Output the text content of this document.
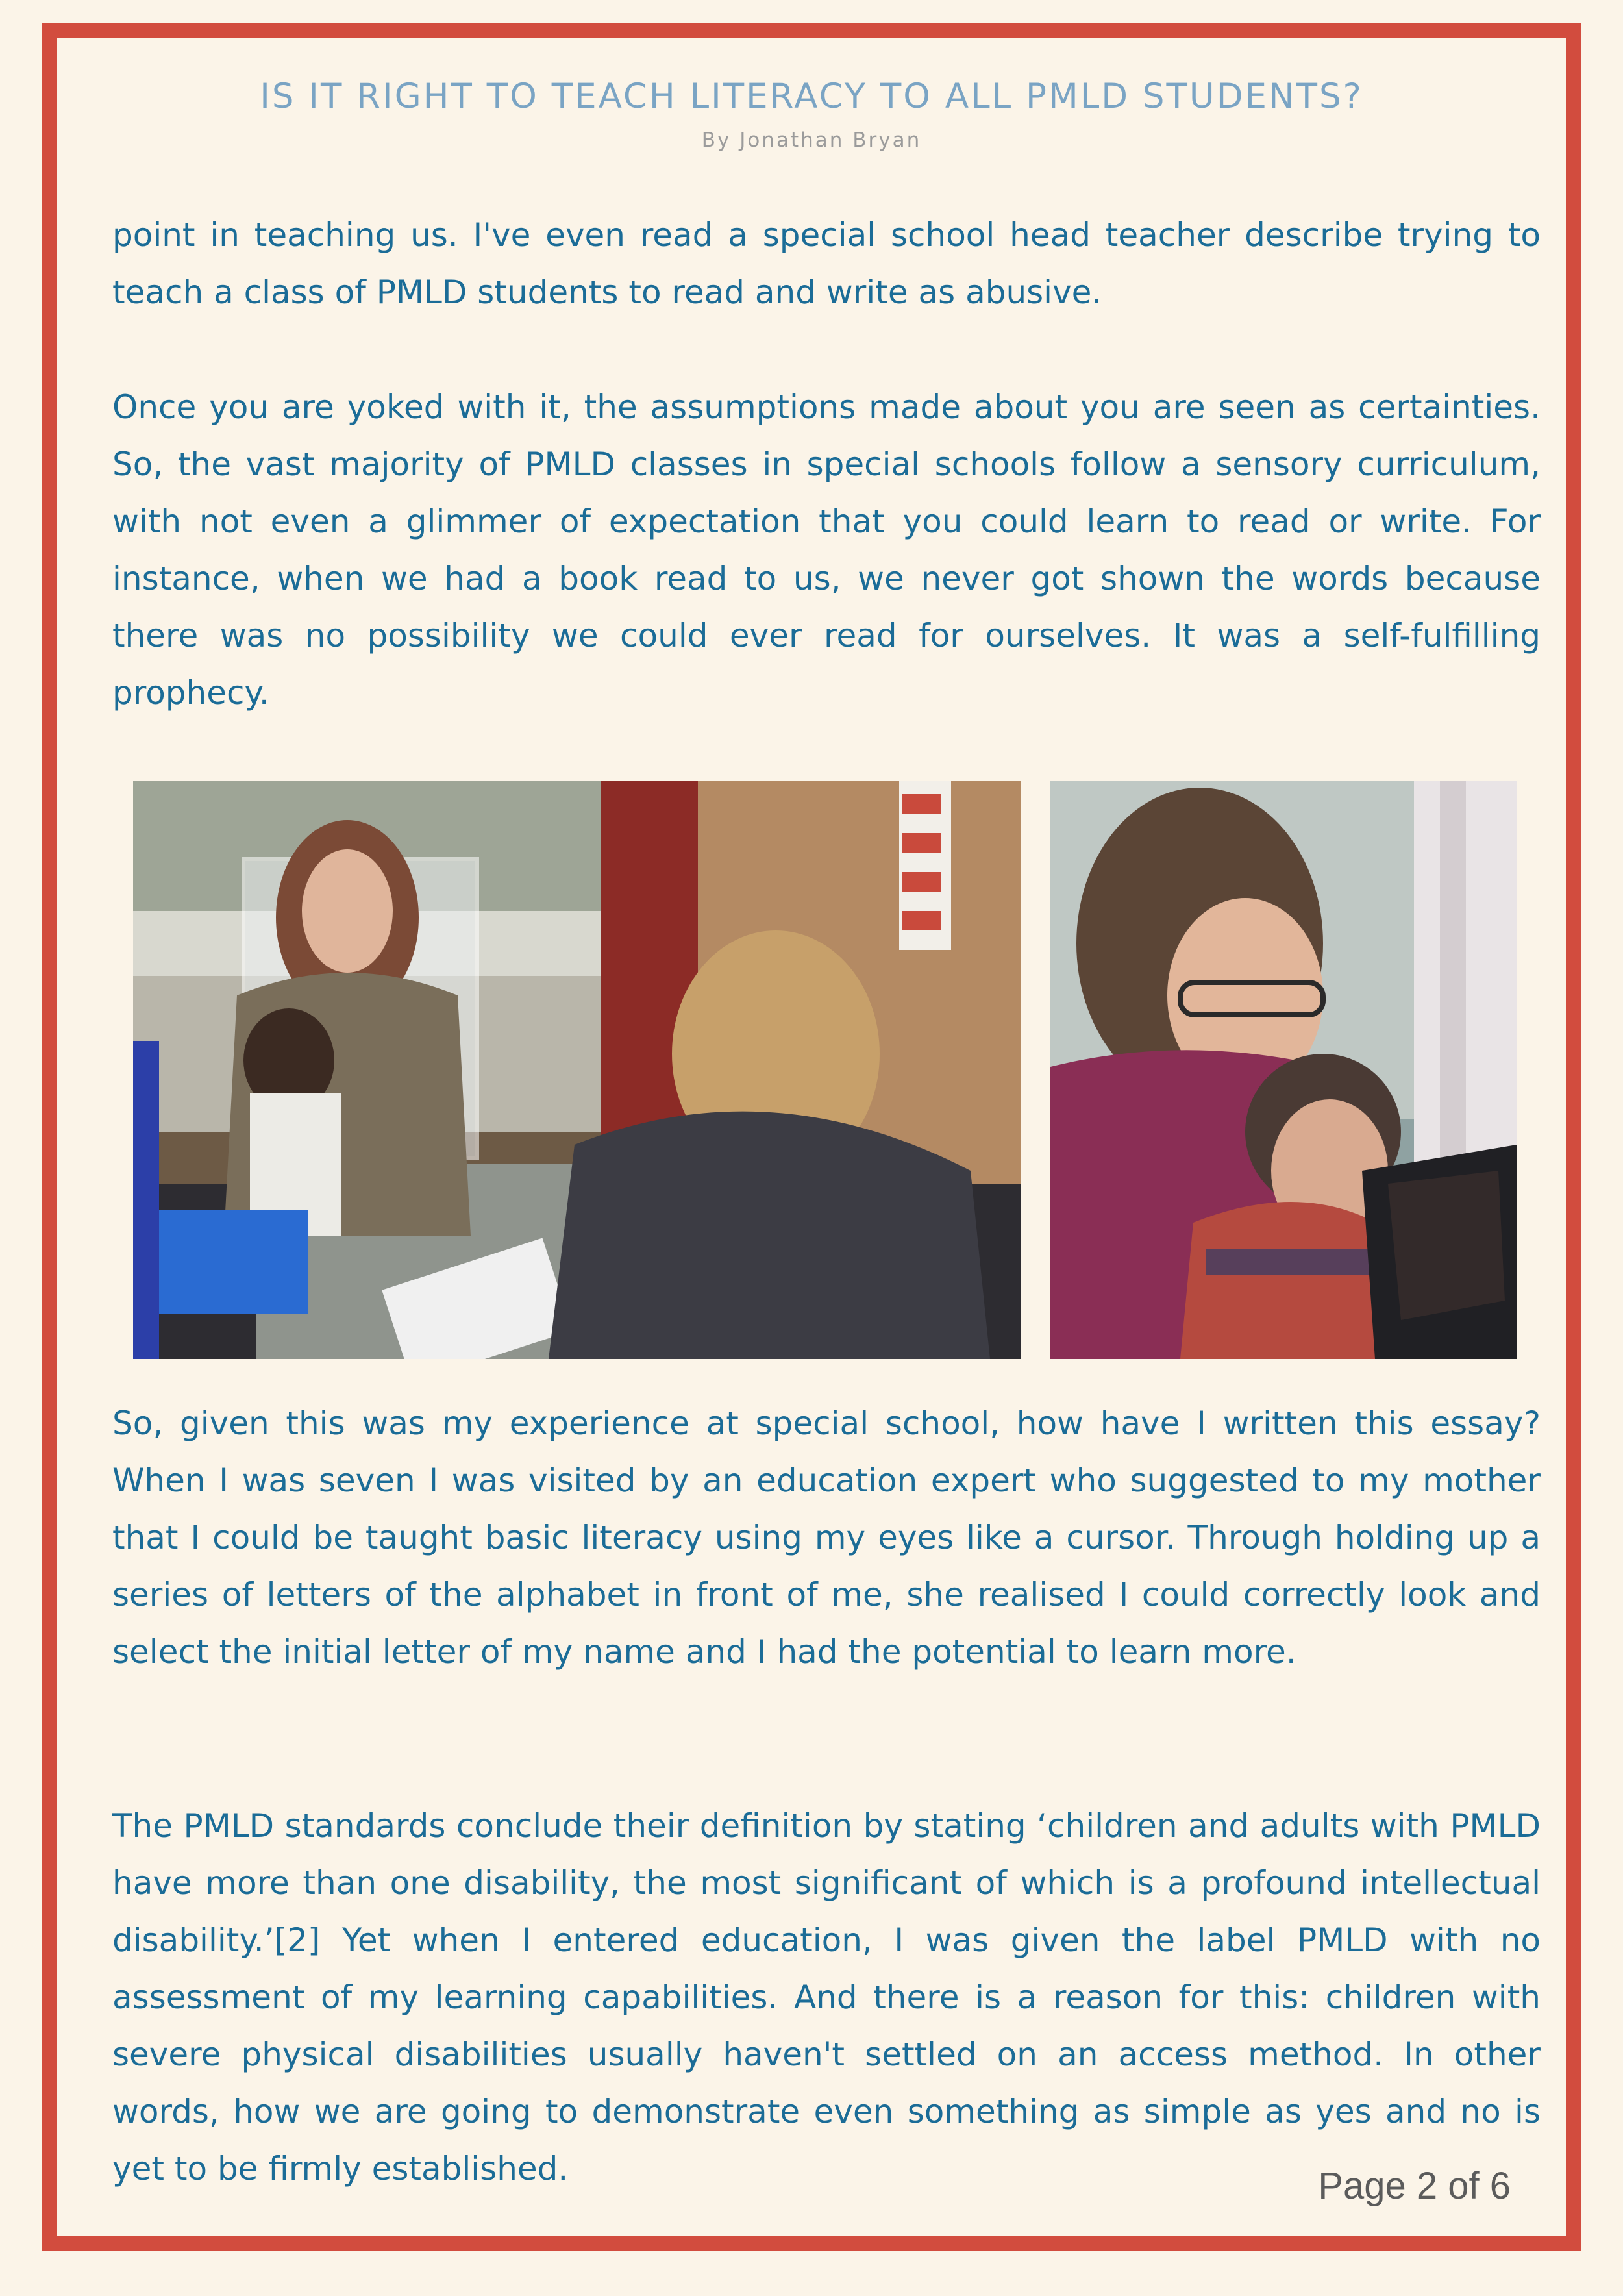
IS IT RIGHT TO TEACH LITERACY TO ALL PMLD STUDENTS?
By Jonathan Bryan

point in teaching us. I've even read a special school head teacher describe trying to teach a class of PMLD students to read and write as abusive.

Once you are yoked with it, the assumptions made about you are seen as certainties. So, the vast majority of PMLD classes in special schools follow a sensory curriculum, with not even a glimmer of expectation that you could learn to read or write. For instance, when we had a book read to us, we never got shown the words because there was no possibility we could ever read for ourselves. It was a self-fulfilling prophecy.

So, given this was my experience at special school, how have I written this essay? When I was seven I was visited by an education expert who suggested to my mother that I could be taught basic literacy using my eyes like a cursor. Through holding up a series of letters of the alphabet in front of me, she realised I could correctly look and select the initial letter of my name and I had the potential to learn more.

The PMLD standards conclude their definition by stating ‘children and adults with PMLD have more than one disability, the most significant of which is a profound intellectual disability.’[2] Yet when I entered education, I was given the label PMLD with no assessment of my learning capabilities. And there is a reason for this: children with severe physical disabilities usually haven't settled on an access method. In other words, how we are going to demonstrate even something as simple as yes and no is yet to be firmly established.	Page 2 of 6
